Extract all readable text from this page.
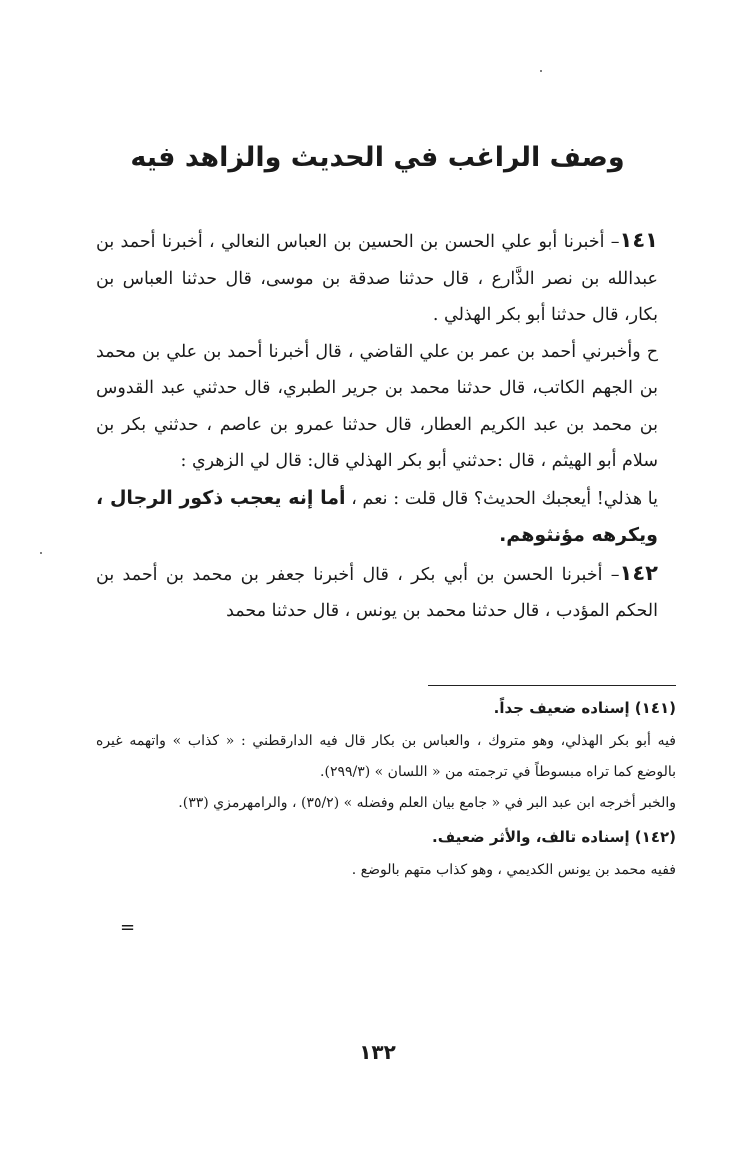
وصف الراغب في الحديث والزاهد فيه

١٤١– أخبرنا أبو علي الحسن بن الحسين بن العباس النعالي ، أخبرنا أحمد بن عبدالله بن نصر الذَّارع ، قال حدثنا صدقة بن موسى، قال حدثنا العباس بن بكار، قال حدثنا أبو بكر الهذلي .

ح وأخبرني أحمد بن عمر بن علي القاضي ، قال أخبرنا أحمد بن علي بن محمد بن الجهم الكاتب، قال حدثنا محمد بن جرير الطبري، قال حدثني عبد القدوس بن محمد بن عبد الكريم العطار، قال حدثنا عمرو بن عاصم ، حدثني بكر بن سلام أبو الهيثم ، قال :حدثني أبو بكر الهذلي قال: قال لي الزهري :

يا هذلي! أيعجبك الحديث؟ قال قلت : نعم ، أما إنه يعجب ذكور الرجال ، ويكرهه مؤنثوهم.

١٤٢– أخبرنا الحسن بن أبي بكر ، قال أخبرنا جعفر بن محمد بن أحمد بن الحكم المؤدب ، قال حدثنا محمد بن يونس ، قال حدثنا محمد

(١٤١) إسناده ضعيف جداً.

فيه أبو بكر الهذلي، وهو متروك ، والعباس بن بكار قال فيه الدارقطني : « كذاب » واتهمه غيره بالوضع كما تراه مبسوطاً في ترجمته من « اللسان » (٢٩٩/٣).

والخبر أخرجه ابن عبد البر في « جامع بيان العلم وفضله » (٣٥/٢) ، والرامهرمزي (٣٣).

(١٤٢) إسناده تالف، والأثر ضعيف.

ففيه محمد بن يونس الكديمي ، وهو كذاب متهم بالوضع .

=
١٣٢
